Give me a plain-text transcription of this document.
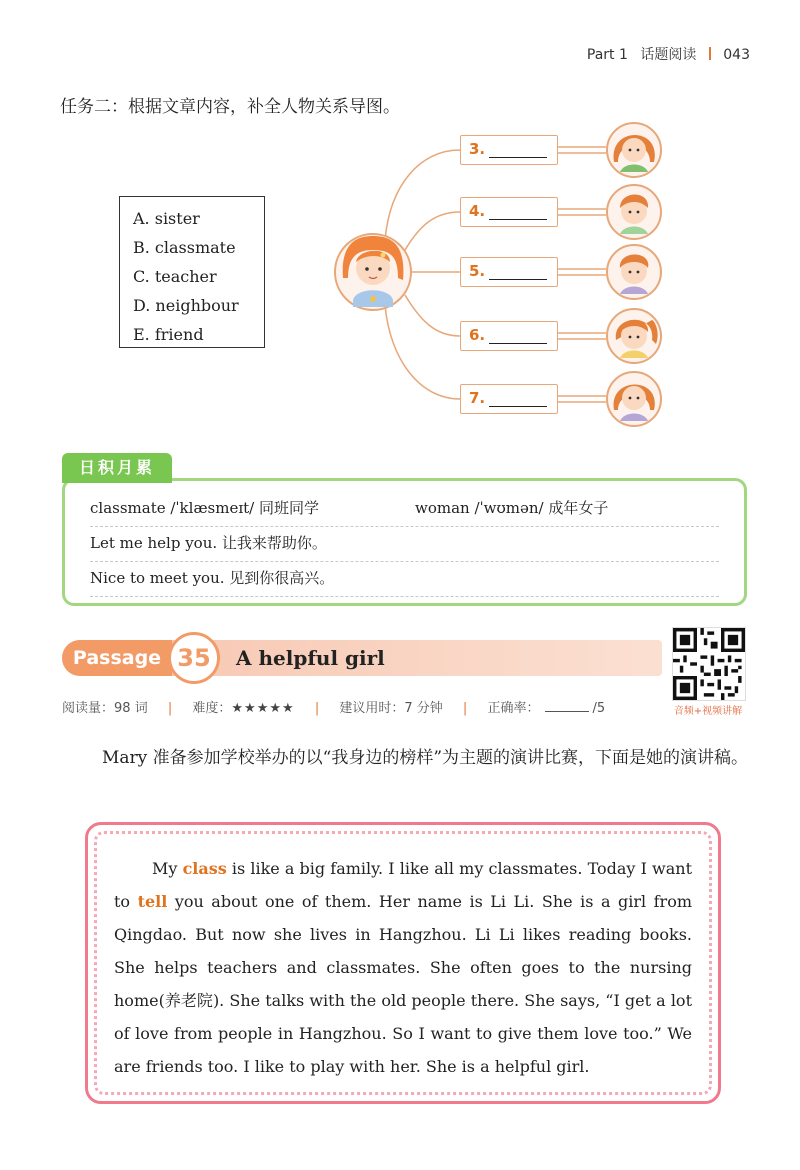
Part 1 话题阅读 043
任务二：根据文章内容，补全人物关系导图。
A. sister
B. classmate
C. teacher
D. neighbour
E. friend
3.
4.
5.
6.
7.
classmate /ˈklæsmeɪt/ 同班同学	woman /ˈwʊmən/ 成年女子
Let me help you. 让我来帮助你。
Nice to meet you. 见到你很高兴。
日积月累
Passage 35	A helpful girl
音频+视频讲解
阅读量：98 词 | 难度：★★★★★ | 建议用时：7 分钟 | 正确率：	/5
Mary 准备参加学校举办的以“我身边的榜样”为主题的演讲比赛，下面是她的演讲稿。
My class is like a big family. I like all my classmates. Today I want to tell you about one of them. Her name is Li Li. She is a girl from Qingdao. But now she lives in Hangzhou. Li Li likes reading books. She helps teachers and classmates. She often goes to the nursing home(养老院). She talks with the old people there. She says, “I get a lot of love from people in Hangzhou. So I want to give them love too.” We are friends too. I like to play with her. She is a helpful girl.
